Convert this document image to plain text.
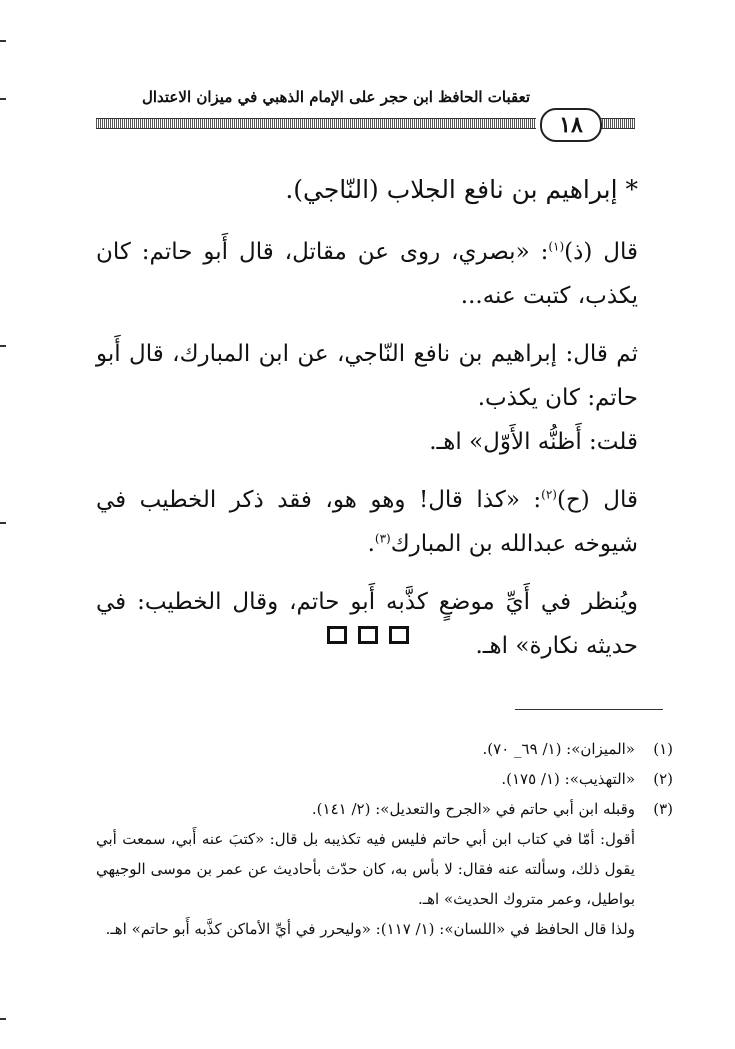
تعقبات الحافظ ابن حجر على الإمام الذهبي في ميزان الاعتدال
١٨

* إبراهيم بن نافع الجلاب (النّاجي).

قال (ذ)$^{(١)}$: «بصري، روى عن مقاتل، قال أَبو حاتم: كان يكذب، كتبت عنه...

ثم قال: إبراهيم بن نافع النّاجي، عن ابن المبارك، قال أَبو حاتم: كان يكذب.

قلت: أَظنُّه الأَوّل» اهـ.

قال (ح)$^{(٢)}$: «كذا قال! وهو هو، فقد ذكر الخطيب في شيوخه عبدالله بن المبارك$^{(٣)}$.

ويُنظر في أَيِّ موضعٍ كذَّبه أَبو حاتم، وقال الخطيب: في حديثه نكارة» اهـ.

(١)
«الميزان»: (١/ ٦٩_ ٧٠).

(٢)
«التهذيب»: (١/ ١٧٥).

(٣)
وقبله ابن أبي حاتم في «الجرح والتعديل»: (٢/ ١٤١).

أقول: أمّا في كتاب ابن أبي حاتم فليس فيه تكذيبه بل قال: «كتبَ عنه أَبي، سمعت أبي يقول ذلك، وسألته عنه فقال: لا بأس به، كان حدّث بأحاديث عن عمر بن موسى الوجيهي بواطيل، وعمر متروك الحديث» اهـ.

ولذا قال الحافظ في «اللسان»: (١/ ١١٧): «وليحرر في أيِّ الأماكن كذَّبه أَبو حاتم» اهـ.
